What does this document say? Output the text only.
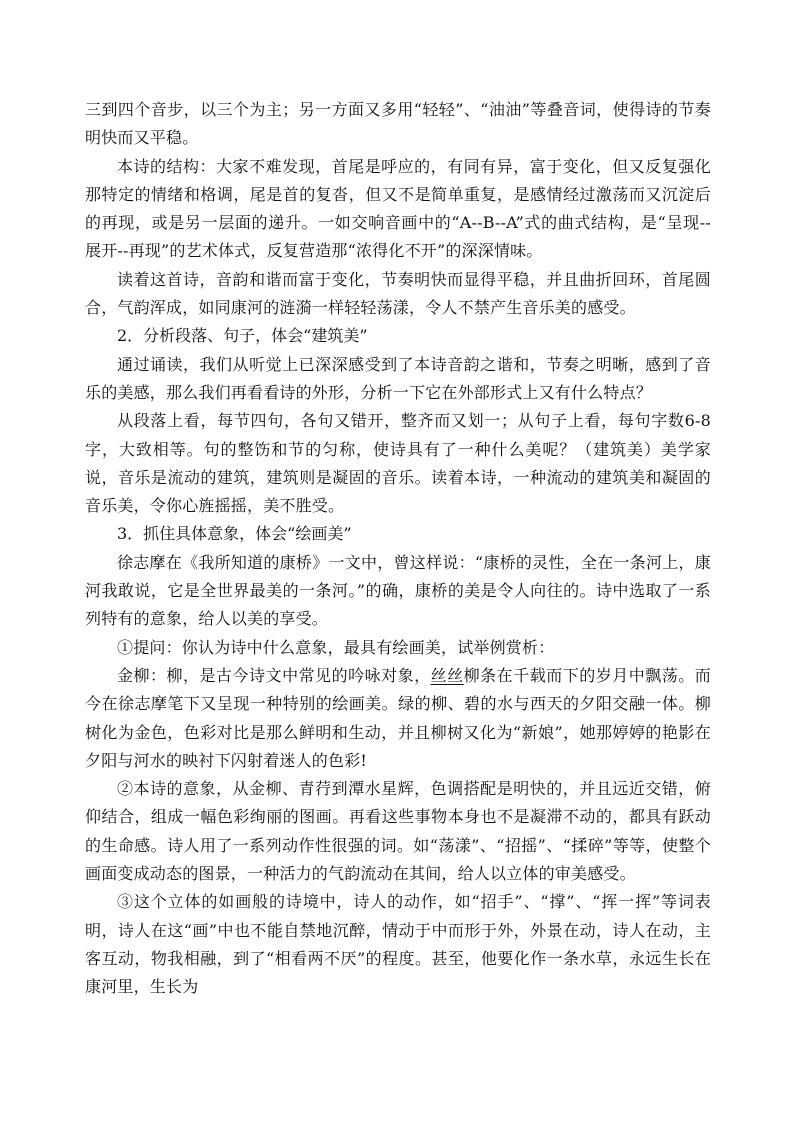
三到四个音步，以三个为主；另一方面又多用“轻轻”、“油油”等叠音词，使得诗的节奏明快而又平稳。

本诗的结构：大家不难发现，首尾是呼应的，有同有异，富于变化，但又反复强化那特定的情绪和格调，尾是首的复沓，但又不是简单重复，是感情经过激荡而又沉淀后的再现，或是另一层面的递升。一如交响音画中的“A--B--A”式的曲式结构，是“呈现--展开--再现”的艺术体式，反复营造那“浓得化不开”的深深情味。

读着这首诗，音韵和谐而富于变化，节奏明快而显得平稳，并且曲折回环，首尾圆合，气韵浑成，如同康河的涟漪一样轻轻荡漾，令人不禁产生音乐美的感受。

2．分析段落、句子，体会“建筑美”

通过诵读，我们从听觉上已深深感受到了本诗音韵之谐和，节奏之明晰，感到了音乐的美感，那么我们再看看诗的外形，分析一下它在外部形式上又有什么特点？

从段落上看，每节四句，各句又错开，整齐而又划一；从句子上看，每句字数6-8字，大致相等。句的整饬和节的匀称，使诗具有了一种什么美呢？（建筑美）美学家说，音乐是流动的建筑，建筑则是凝固的音乐。读着本诗，一种流动的建筑美和凝固的音乐美，令你心旌摇摇，美不胜受。

3．抓住具体意象，体会“绘画美”

徐志摩在《我所知道的康桥》一文中，曾这样说：“康桥的灵性，全在一条河上，康河我敢说，它是全世界最美的一条河。”的确，康桥的美是令人向往的。诗中选取了一系列特有的意象，给人以美的享受。

①提问：你认为诗中什么意象，最具有绘画美，试举例赏析：

金柳：柳，是古今诗文中常见的吟咏对象，丝丝柳条在千载而下的岁月中飘荡。而今在徐志摩笔下又呈现一种特别的绘画美。绿的柳、碧的水与西天的夕阳交融一体。柳树化为金色，色彩对比是那么鲜明和生动，并且柳树又化为“新娘”，她那婷婷的艳影在夕阳与河水的映衬下闪射着迷人的色彩!

②本诗的意象，从金柳、青荇到潭水星辉，色调搭配是明快的，并且远近交错，俯仰结合，组成一幅色彩绚丽的图画。再看这些事物本身也不是凝滞不动的，都具有跃动的生命感。诗人用了一系列动作性很强的词。如“荡漾”、“招摇”、“揉碎”等等，使整个画面变成动态的图景，一种活力的气韵流动在其间，给人以立体的审美感受。

③这个立体的如画般的诗境中，诗人的动作，如“招手”、“撑”、“挥一挥”等词表明，诗人在这“画”中也不能自禁地沉醉，情动于中而形于外，外景在动，诗人在动，主客互动，物我相融，到了“相看两不厌”的程度。甚至，他要化作一条水草，永远生长在康河里，生长为
